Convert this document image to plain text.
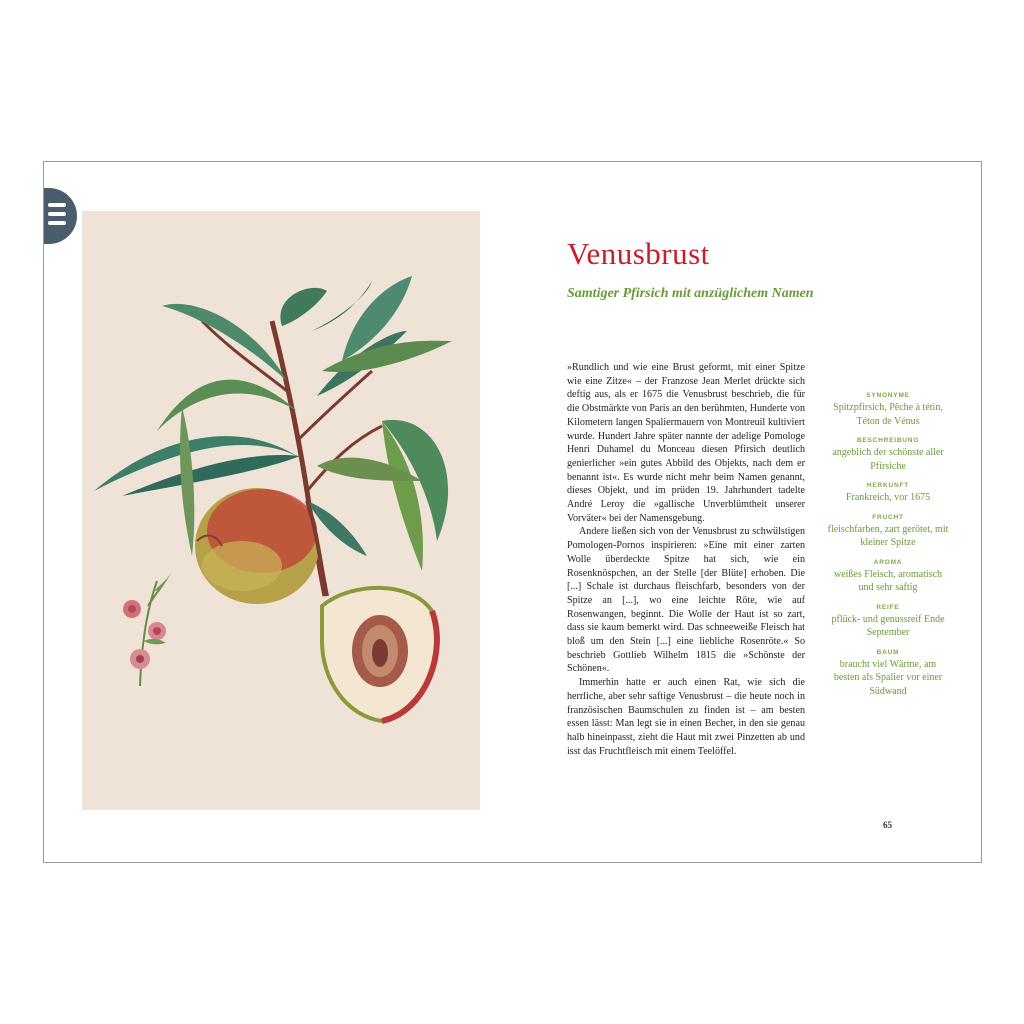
Venusbrust
Samtiger Pfirsich mit anzüglichem Namen

»Rundlich und wie eine Brust geformt, mit einer Spitze wie eine Zitze« – der Franzose Jean Merlet drückte sich deftig aus, als er 1675 die Venusbrust beschrieb, die für die Obstmärkte von Paris an den berühmten, Hunderte von Kilometern langen Spaliermauern von Montreuil kultiviert wurde. Hundert Jahre später nannte der adelige Pomologe Henri Duhamel du Monceau diesen Pfirsich deutlich genierlicher »ein gutes Abbild des Objekts, nach dem er benannt ist«. Es wurde nicht mehr beim Namen genannt, dieses Objekt, und im prüden 19. Jahrhundert tadelte André Leroy die »gallische Unverblümtheit unserer Vorväter« bei der Namensgebung.

Andere ließen sich von der Venusbrust zu schwülstigen Pomologen-Pornos inspirieren: »Eine mit einer zarten Wolle überdeckte Spitze hat sich, wie ein Rosenknöspchen, an der Stelle [der Blüte] erhoben. Die [...] Schale ist durchaus fleischfarb, besonders von der Spitze an [...], wo eine leichte Röte, wie auf Rosenwangen, beginnt. Die Wolle der Haut ist so zart, dass sie kaum bemerkt wird. Das schneeweiße Fleisch hat bloß um den Stein [...] eine liebliche Rosenröte.« So beschrieb Gottlieb Wilhelm 1815 die »Schönste der Schönen«.

Immerhin hatte er auch einen Rat, wie sich die herrliche, aber sehr saftige Venusbrust – die heute noch in französischen Baumschulen zu finden ist – am besten essen lässt: Man legt sie in einen Becher, in den sie genau halb hineinpasst, zieht die Haut mit zwei Pinzetten ab und isst das Fruchtfleisch mit einem Teelöffel.

SYNONYME
Spitzpfirsich, Pêche à tétin, Téton de Vénus
BESCHREIBUNG
angeblich der schönste aller Pfirsiche
HERKUNFT
Frankreich, vor 1675
FRUCHT
fleischfarben, zart gerötet, mit kleiner Spitze
AROMA
weißes Fleisch, aromatisch und sehr saftig
REIFE
pflück- und genussreif Ende September
BAUM
braucht viel Wärme, am besten als Spalier vor einer Südwand
65
